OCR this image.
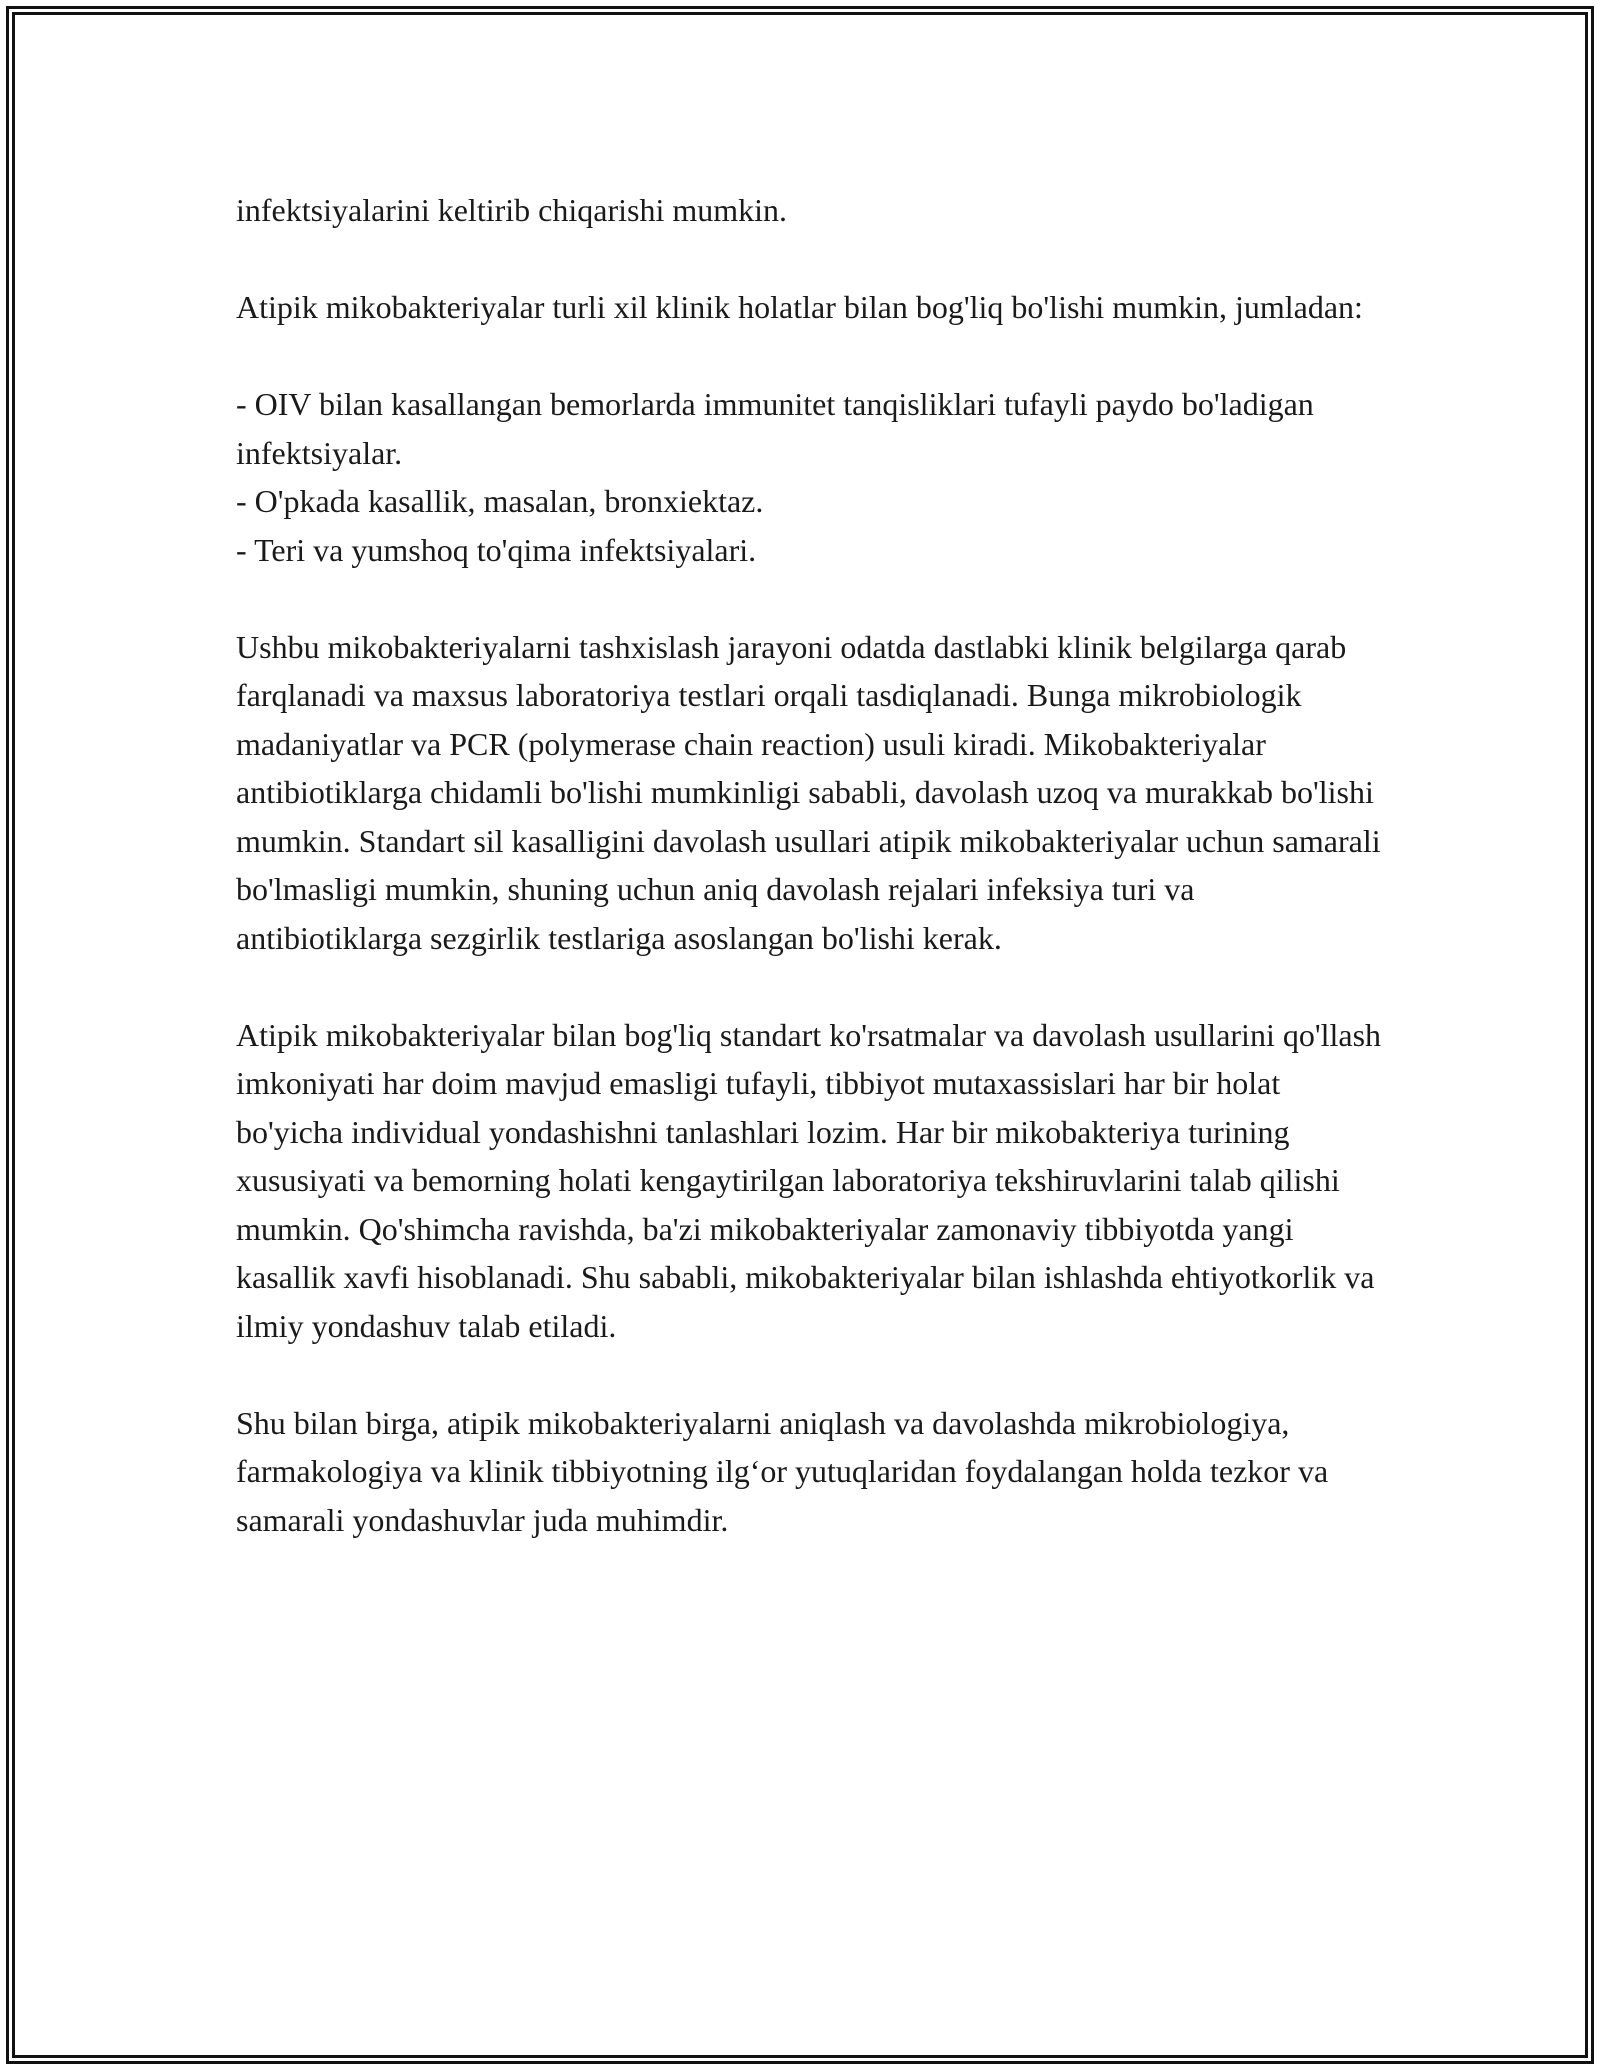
infektsiyalarini keltirib chiqarishi mumkin.

Atipik mikobakteriyalar turli xil klinik holatlar bilan bog'liq bo'lishi mumkin, jumladan:

- OIV bilan kasallangan bemorlarda immunitet tanqisliklari tufayli paydo bo'ladigan infektsiyalar.

- O'pkada kasallik, masalan, bronxiektaz.

- Teri va yumshoq to'qima infektsiyalari.

Ushbu mikobakteriyalarni tashxislash jarayoni odatda dastlabki klinik belgilarga qarab farqlanadi va maxsus laboratoriya testlari orqali tasdiqlanadi. Bunga mikrobiologik madaniyatlar va PCR (polymerase chain reaction) usuli kiradi. Mikobakteriyalar antibiotiklarga chidamli bo'lishi mumkinligi sababli, davolash uzoq va murakkab bo'lishi mumkin. Standart sil kasalligini davolash usullari atipik mikobakteriyalar uchun samarali bo'lmasligi mumkin, shuning uchun aniq davolash rejalari infeksiya turi va antibiotiklarga sezgirlik testlariga asoslangan bo'lishi kerak.

Atipik mikobakteriyalar bilan bog'liq standart ko'rsatmalar va davolash usullarini qo'llash imkoniyati har doim mavjud emasligi tufayli, tibbiyot mutaxassislari har bir holat bo'yicha individual yondashishni tanlashlari lozim. Har bir mikobakteriya turining xususiyati va bemorning holati kengaytirilgan laboratoriya tekshiruvlarini talab qilishi mumkin. Qo'shimcha ravishda, ba'zi mikobakteriyalar zamonaviy tibbiyotda yangi kasallik xavfi hisoblanadi. Shu sababli, mikobakteriyalar bilan ishlashda ehtiyotkorlik va ilmiy yondashuv talab etiladi.

Shu bilan birga, atipik mikobakteriyalarni aniqlash va davolashda mikrobiologiya, farmakologiya va klinik tibbiyotning ilg‘or yutuqlaridan foydalangan holda tezkor va samarali yondashuvlar juda muhimdir.
